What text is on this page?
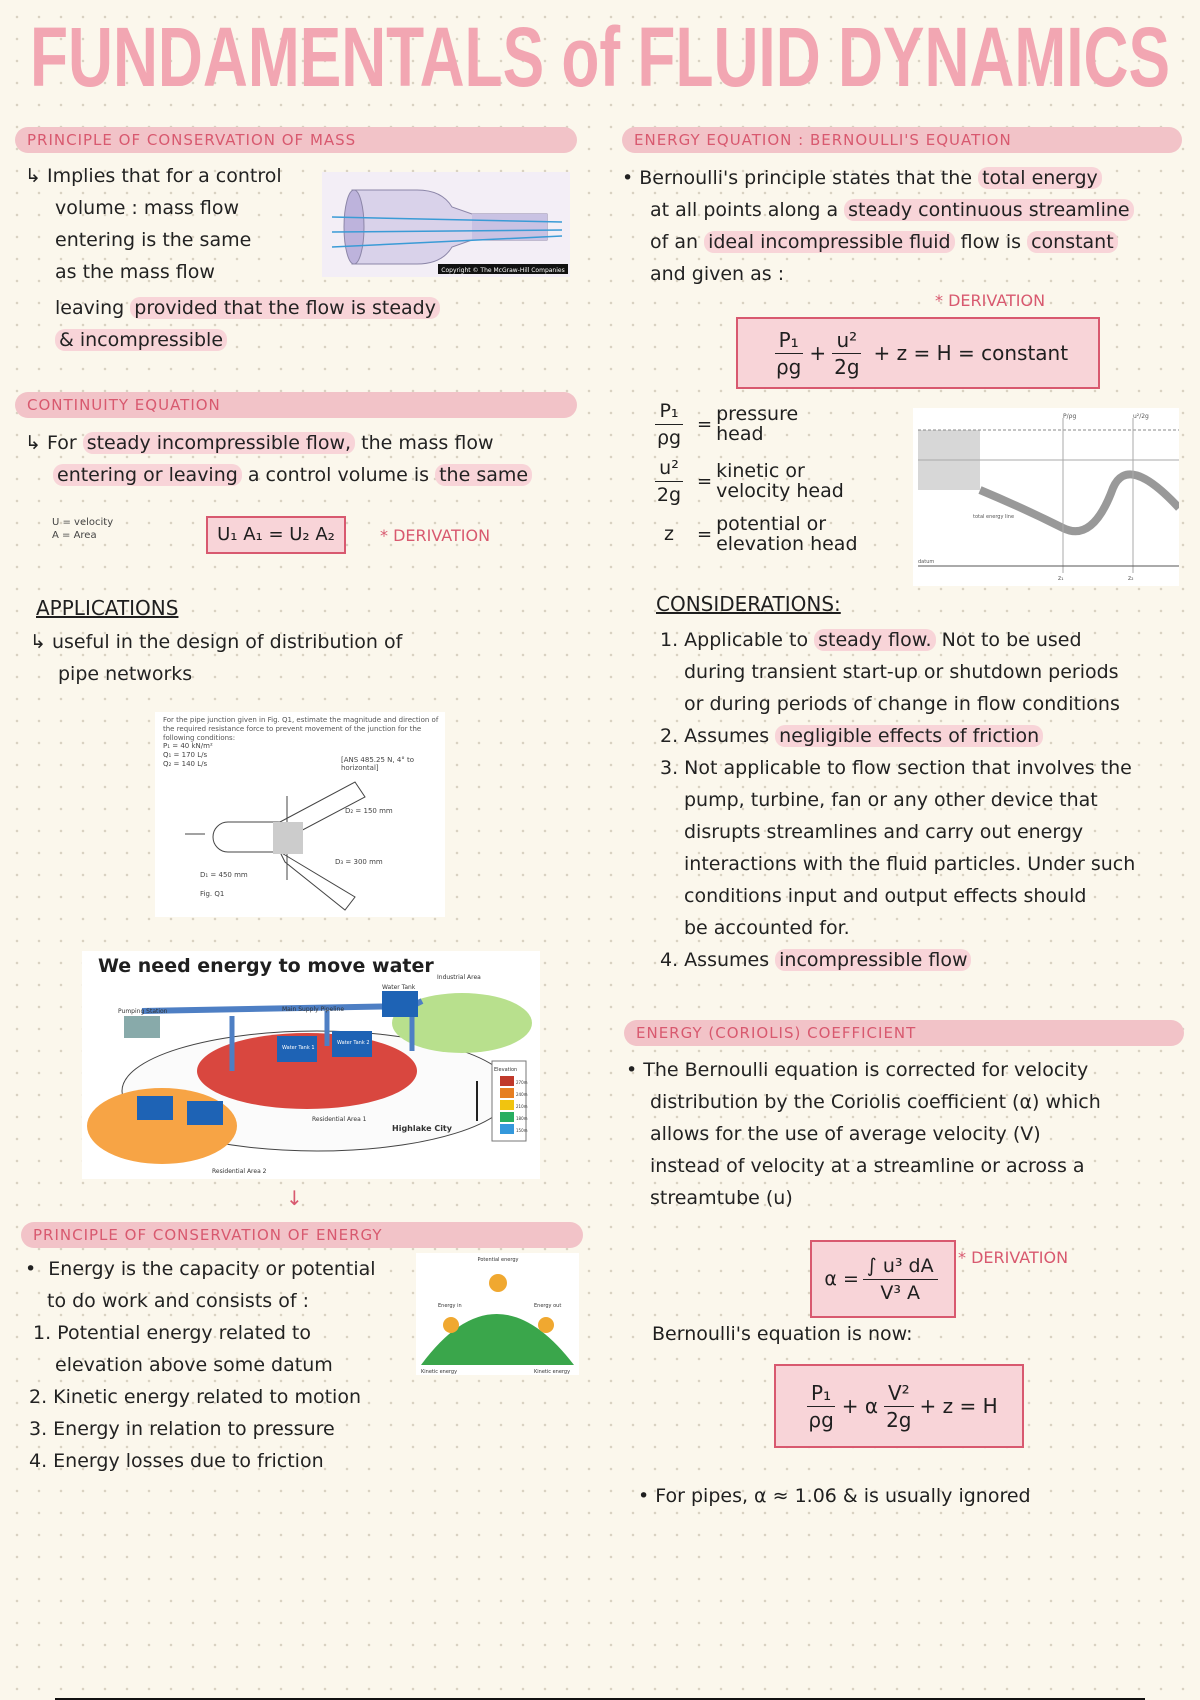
FUNDAMENTALS of FLUID DYNAMICS
PRINCIPLE OF CONSERVATION OF MASS

↳ Implies that for a control

volume : mass flow

entering is the same

as the mass flow

leaving provided that the flow is steady

& incompressible

Copyright © The McGraw-Hill Companies
CONTINUITY EQUATION

↳ For steady incompressible flow, the mass flow

entering or leaving a control volume is the same

U = velocity
A = Area	U₁ A₁ = U₂ A₂	* DERIVATION
APPLICATIONS

↳ useful in the design of distribution of

pipe networks

For the pipe junction given in Fig. Q1, estimate the magnitude and direction of the required resistance force to prevent movement of the junction for the following conditions:
P₁ = 40 kN/m²
Q₁ = 170 L/s
Q₂ = 140 L/s	[ANS 485.25 N, 4° to horizontal]
D₁ = 450 mm
D₂ = 150 mm
D₃ = 300 mm
Fig. Q1
We need energy to move water
Pumping Station	Main Supply Pipeline
Water Tank
Industrial Area
Water Tank 1
Water Tank 2
Residential Area 1
Residential Area 2
Highlake City
Elevation
270m
240m
210m
180m
150m
↓
PRINCIPLE OF CONSERVATION OF ENERGY

•  Energy is the capacity or potential

to do work and consists of :

1. Potential energy related to

elevation above some datum

2. Kinetic energy related to motion

3. Energy in relation to pressure

4. Energy losses due to friction

Potential energy
Energy in	Energy out
Kinetic energy	Kinetic energy
ENERGY EQUATION : BERNOULLI'S EQUATION

• Bernoulli's principle states that the total energy

at all points along a steady continuous streamline

of an ideal incompressible fluid flow is constant

and given as :

* DERIVATION
$\frac{\text{P₁}}{\rho g} + \frac{\text{u²}}{2g} + z = H$ = constant
$\frac{\text{P₁}}{\rho g}$ = pressure
head
$\frac{\text{u²}}{2g}$ = kinetic or
velocity head
z	= potential or
elevation head
P/ρg	u²/2g
total energy line
datum
z₁	z₂
CONSIDERATIONS:

1. Applicable to steady flow. Not to be used

during transient start-up or shutdown periods

or during periods of change in flow conditions

2. Assumes negligible effects of friction

3. Not applicable to flow section that involves the

pump, turbine, fan or any other device that

disrupts streamlines and carry out energy

interactions with the fluid particles. Under such

conditions input and output effects should

be accounted for.

4. Assumes incompressible flow

ENERGY (CORIOLIS) COEFFICIENT

• The Bernoulli equation is corrected for velocity

distribution by the Coriolis coefficient (α) which

allows for the use of average velocity (V)

instead of velocity at a streamline or across a

streamtube (u)

$\alpha = \frac{\text{∫ u³ dA}}{\text{V³ A}}$ * DERIVATION
Bernoulli's equation is now:
$\frac{\text{P₁}}{\rho g} + \alpha \frac{\text{V²}}{2g} + z = H$
• For pipes, α ≈ 1.06 & is usually ignored
